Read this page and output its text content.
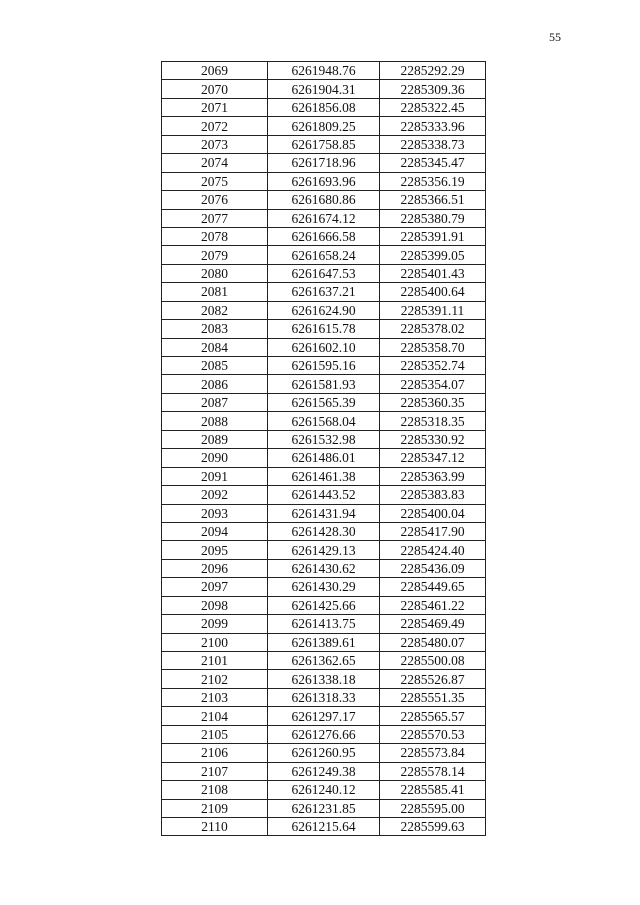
55
2069	6261948.76	2285292.29
2070	6261904.31	2285309.36
2071	6261856.08	2285322.45
2072	6261809.25	2285333.96
2073	6261758.85	2285338.73
2074	6261718.96	2285345.47
2075	6261693.96	2285356.19
2076	6261680.86	2285366.51
2077	6261674.12	2285380.79
2078	6261666.58	2285391.91
2079	6261658.24	2285399.05
2080	6261647.53	2285401.43
2081	6261637.21	2285400.64
2082	6261624.90	2285391.11
2083	6261615.78	2285378.02
2084	6261602.10	2285358.70
2085	6261595.16	2285352.74
2086	6261581.93	2285354.07
2087	6261565.39	2285360.35
2088	6261568.04	2285318.35
2089	6261532.98	2285330.92
2090	6261486.01	2285347.12
2091	6261461.38	2285363.99
2092	6261443.52	2285383.83
2093	6261431.94	2285400.04
2094	6261428.30	2285417.90
2095	6261429.13	2285424.40
2096	6261430.62	2285436.09
2097	6261430.29	2285449.65
2098	6261425.66	2285461.22
2099	6261413.75	2285469.49
2100	6261389.61	2285480.07
2101	6261362.65	2285500.08
2102	6261338.18	2285526.87
2103	6261318.33	2285551.35
2104	6261297.17	2285565.57
2105	6261276.66	2285570.53
2106	6261260.95	2285573.84
2107	6261249.38	2285578.14
2108	6261240.12	2285585.41
2109	6261231.85	2285595.00
2110	6261215.64	2285599.63
